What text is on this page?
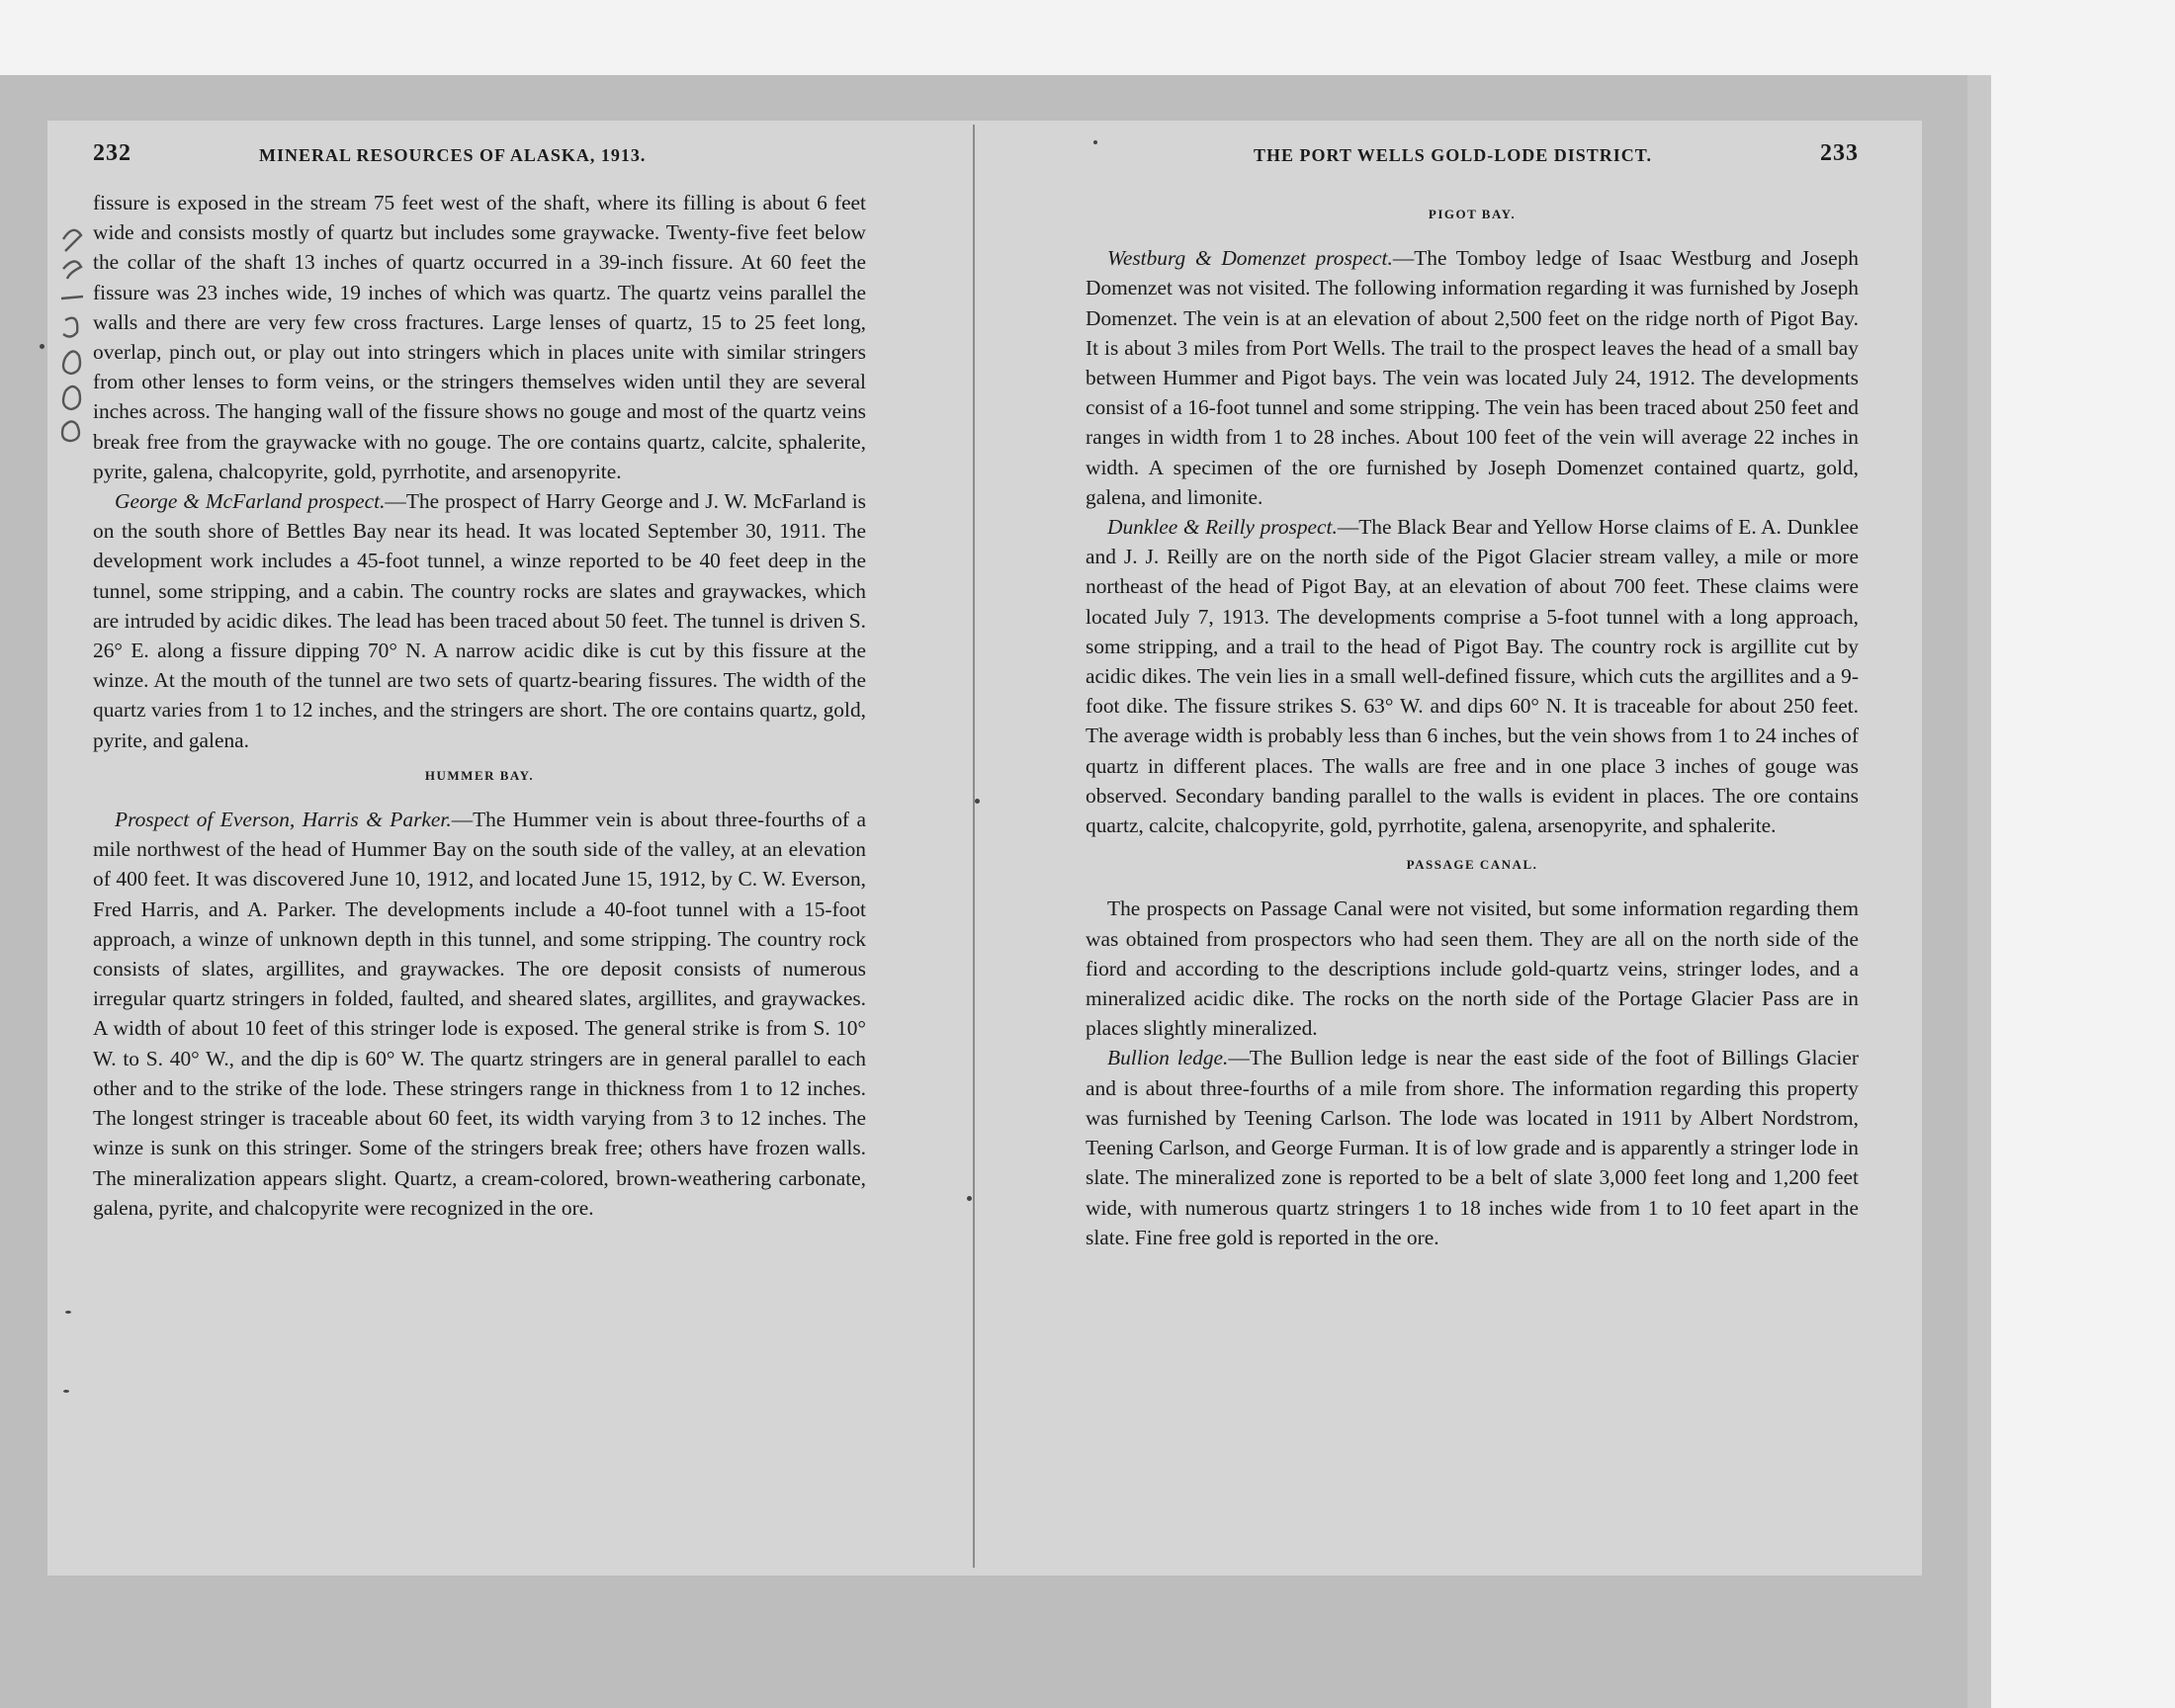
232	MINERAL RESOURCES OF ALASKA, 1913.

fissure is exposed in the stream 75 feet west of the shaft, where its filling is about 6 feet wide and consists mostly of quartz but includes some graywacke. Twenty-five feet below the collar of the shaft 13 inches of quartz occurred in a 39-inch fissure. At 60 feet the fissure was 23 inches wide, 19 inches of which was quartz. The quartz veins parallel the walls and there are very few cross fractures. Large lenses of quartz, 15 to 25 feet long, overlap, pinch out, or play out into stringers which in places unite with similar stringers from other lenses to form veins, or the stringers themselves widen until they are several inches across. The hanging wall of the fissure shows no gouge and most of the quartz veins break free from the graywacke with no gouge. The ore contains quartz, calcite, sphalerite, pyrite, galena, chalcopyrite, gold, pyrrhotite, and arsenopyrite.

George & McFarland prospect.—The prospect of Harry George and J. W. McFarland is on the south shore of Bettles Bay near its head. It was located September 30, 1911. The development work includes a 45-foot tunnel, a winze reported to be 40 feet deep in the tunnel, some stripping, and a cabin. The country rocks are slates and graywackes, which are intruded by acidic dikes. The lead has been traced about 50 feet. The tunnel is driven S. 26° E. along a fissure dipping 70° N. A narrow acidic dike is cut by this fissure at the winze. At the mouth of the tunnel are two sets of quartz-bearing fissures. The width of the quartz varies from 1 to 12 inches, and the stringers are short. The ore contains quartz, gold, pyrite, and galena.

HUMMER BAY.

Prospect of Everson, Harris & Parker.—The Hummer vein is about three-fourths of a mile northwest of the head of Hummer Bay on the south side of the valley, at an elevation of 400 feet. It was discovered June 10, 1912, and located June 15, 1912, by C. W. Everson, Fred Harris, and A. Parker. The developments include a 40-foot tunnel with a 15-foot approach, a winze of unknown depth in this tunnel, and some stripping. The country rock consists of slates, argillites, and graywackes. The ore deposit consists of numerous irregular quartz stringers in folded, faulted, and sheared slates, argillites, and graywackes. A width of about 10 feet of this stringer lode is exposed. The general strike is from S. 10° W. to S. 40° W., and the dip is 60° W. The quartz stringers are in general parallel to each other and to the strike of the lode. These stringers range in thickness from 1 to 12 inches. The longest stringer is traceable about 60 feet, its width varying from 3 to 12 inches. The winze is sunk on this stringer. Some of the stringers break free; others have frozen walls. The mineralization appears slight. Quartz, a cream-colored, brown-weathering carbonate, galena, pyrite, and chalcopyrite were recognized in the ore.

THE PORT WELLS GOLD-LODE DISTRICT.	233
PIGOT BAY.

Westburg & Domenzet prospect.—The Tomboy ledge of Isaac Westburg and Joseph Domenzet was not visited. The following information regarding it was furnished by Joseph Domenzet. The vein is at an elevation of about 2,500 feet on the ridge north of Pigot Bay. It is about 3 miles from Port Wells. The trail to the prospect leaves the head of a small bay between Hummer and Pigot bays. The vein was located July 24, 1912. The developments consist of a 16-foot tunnel and some stripping. The vein has been traced about 250 feet and ranges in width from 1 to 28 inches. About 100 feet of the vein will average 22 inches in width. A specimen of the ore furnished by Joseph Domenzet contained quartz, gold, galena, and limonite.

Dunklee & Reilly prospect.—The Black Bear and Yellow Horse claims of E. A. Dunklee and J. J. Reilly are on the north side of the Pigot Glacier stream valley, a mile or more northeast of the head of Pigot Bay, at an elevation of about 700 feet. These claims were located July 7, 1913. The developments comprise a 5-foot tunnel with a long approach, some stripping, and a trail to the head of Pigot Bay. The country rock is argillite cut by acidic dikes. The vein lies in a small well-defined fissure, which cuts the argillites and a 9-foot dike. The fissure strikes S. 63° W. and dips 60° N. It is traceable for about 250 feet. The average width is probably less than 6 inches, but the vein shows from 1 to 24 inches of quartz in different places. The walls are free and in one place 3 inches of gouge was observed. Secondary banding parallel to the walls is evident in places. The ore contains quartz, calcite, chalcopyrite, gold, pyrrhotite, galena, arsenopyrite, and sphalerite.

PASSAGE CANAL.

The prospects on Passage Canal were not visited, but some information regarding them was obtained from prospectors who had seen them. They are all on the north side of the fiord and according to the descriptions include gold-quartz veins, stringer lodes, and a mineralized acidic dike. The rocks on the north side of the Portage Glacier Pass are in places slightly mineralized.

Bullion ledge.—The Bullion ledge is near the east side of the foot of Billings Glacier and is about three-fourths of a mile from shore. The information regarding this property was furnished by Teening Carlson. The lode was located in 1911 by Albert Nordstrom, Teening Carlson, and George Furman. It is of low grade and is apparently a stringer lode in slate. The mineralized zone is reported to be a belt of slate 3,000 feet long and 1,200 feet wide, with numerous quartz stringers 1 to 18 inches wide from 1 to 10 feet apart in the slate. Fine free gold is reported in the ore.
